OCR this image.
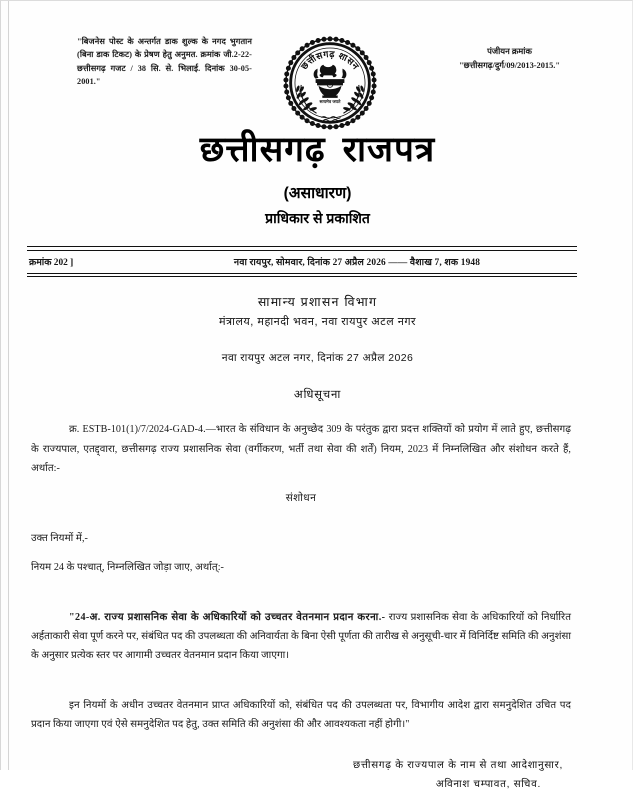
"बिजनेस पोस्ट के अन्तर्गत डाक शुल्क के नगद भुगतान (बिना डाक टिकट) के प्रेषण हेतु अनुमत. क्रमांक जी.2-22-छत्तीसगढ़ गजट / 38 सि. से. भिलाई. दिनांक 30-05-2001."
छत्तीसगढ़ शासन
सत्यमेव जयते
पंजीयन क्रमांक
"छत्तीसगढ़/दुर्ग/09/2013-2015."
छत्तीसगढ़ राजपत्र
(असाधारण)
प्राधिकार से प्रकाशित
क्रमांक 202 ]	नवा रायपुर, सोमवार, दिनांक 27 अप्रैल 2026 —— वैशाख 7, शक 1948
सामान्य प्रशासन विभाग
मंत्रालय, महानदी भवन, नवा रायपुर अटल नगर
नवा रायपुर अटल नगर, दिनांक 27 अप्रैल 2026
अधिसूचना

क्र. ESTB-101(1)/7/2024-GAD-4.—भारत के संविधान के अनुच्छेद 309 के परंतुक द्वारा प्रदत्त शक्तियों को प्रयोग में लाते हुए, छत्तीसगढ़ के राज्यपाल, एतद्द्वारा, छत्तीसगढ़ राज्य प्रशासनिक सेवा (वर्गीकरण, भर्ती तथा सेवा की शर्तें) नियम, 2023 में निम्नलिखित और संशोधन करते हैं, अर्थात:-

संशोधन

उक्त नियमों में,-

नियम 24 के पश्चात्, निम्नलिखित जोड़ा जाए, अर्थात्:-

"24-अ. राज्य प्रशासनिक सेवा के अधिकारियों को उच्चतर वेतनमान प्रदान करना.- राज्य प्रशासनिक सेवा के अधिकारियों को निर्धारित अर्हताकारी सेवा पूर्ण करने पर, संबंधित पद की उपलब्धता की अनिवार्यता के बिना ऐसी पूर्णता की तारीख से अनुसूची-चार में विनिर्दिष्ट समिति की अनुशंसा के अनुसार प्रत्येक स्तर पर आगामी उच्चतर वेतनमान प्रदान किया जाएगा।

इन नियमों के अधीन उच्चतर वेतनमान प्राप्त अधिकारियों को, संबंधित पद की उपलब्धता पर, विभागीय आदेश द्वारा समनुदेशित उचित पद प्रदान किया जाएगा एवं ऐसे समनुदेशित पद हेतु, उक्त समिति की अनुशंसा की और आवश्यकता नहीं होगी।"

छत्तीसगढ़ के राज्यपाल के नाम से तथा आदेशानुसार,
अविनाश चम्पावत, सचिव.
